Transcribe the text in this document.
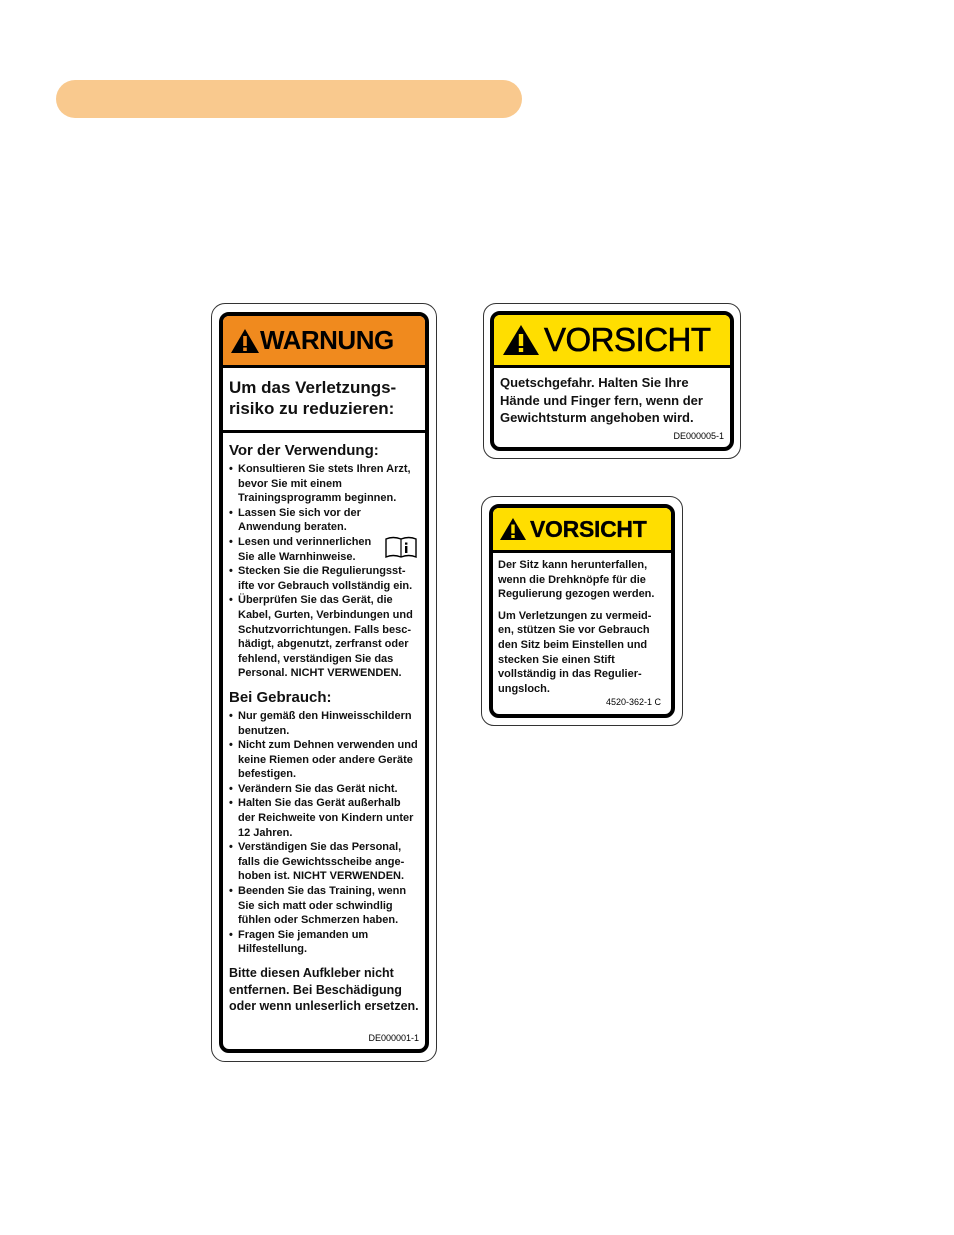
WARNUNG
Um das Verletzungs-risiko zu reduzieren:
Vor der Verwendung:
• Konsultieren Sie stets Ihren Arzt, bevor Sie mit einem Trainingsprogramm beginnen.
• Lassen Sie sich vor der Anwendung beraten.
• Lesen und verinnerlichen Sie alle Warnhinweise.
• Stecken Sie die Regulierungsst-ifte vor Gebrauch vollständig ein.
• Überprüfen Sie das Gerät, die Kabel, Gurten, Verbindungen und Schutzvorrichtungen. Falls besc-hädigt, abgenutzt, zerfranst oder fehlend, verständigen Sie das Personal. NICHT VERWENDEN.
Bei Gebrauch:
• Nur gemäß den Hinweisschildern benutzen.
• Nicht zum Dehnen verwenden und keine Riemen oder andere Geräte befestigen.
• Verändern Sie das Gerät nicht.
• Halten Sie das Gerät außerhalb der Reichweite von Kindern unter 12 Jahren.
• Verständigen Sie das Personal, falls die Gewichtsscheibe ange-hoben ist. NICHT VERWENDEN.
• Beenden Sie das Training, wenn Sie sich matt oder schwindlig fühlen oder Schmerzen haben.
• Fragen Sie jemanden um Hilfestellung.
Bitte diesen Aufkleber nicht entfernen. Bei Beschädigung oder wenn unleserlich ersetzen.
DE000001-1
VORSICHT
Quetschgefahr. Halten Sie Ihre Hände und Finger fern, wenn der Gewichtsturm angehoben wird.
DE000005-1
VORSICHT

Der Sitz kann herunterfallen, wenn die Drehknöpfe für die Regulierung gezogen werden.

Um Verletzungen zu vermeid-en, stützen Sie vor Gebrauch den Sitz beim Einstellen und stecken Sie einen Stift vollständig in das Regulier-ungsloch.

4520-362-1 C
